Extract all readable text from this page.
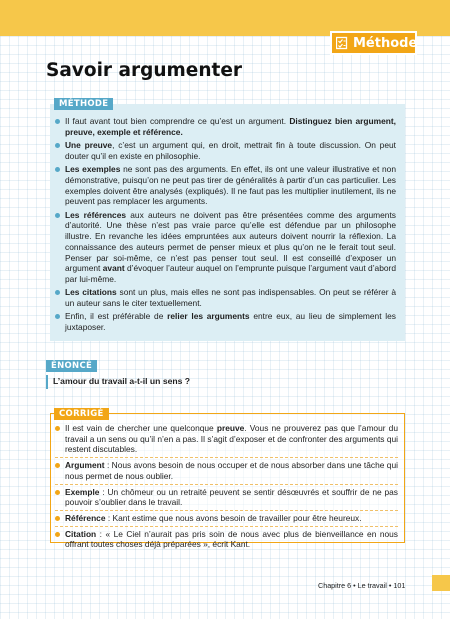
Méthode
Savoir argumenter
MÉTHODE
Il faut avant tout bien comprendre ce qu’est un argument. Distinguez bien argument, preuve, exemple et référence.
Une preuve, c’est un argument qui, en droit, mettrait fin à toute discussion. On peut douter qu’il en existe en philosophie.
Les exemples ne sont pas des arguments. En effet, ils ont une valeur illustrative et non démonstrative, puisqu’on ne peut pas tirer de généralités à partir d’un cas particulier. Les exemples doivent être analysés (expliqués). Il ne faut pas les multiplier inutilement, ils ne peuvent pas remplacer les arguments.
Les références aux auteurs ne doivent pas être présentées comme des arguments d’autorité. Une thèse n’est pas vraie parce qu’elle est défendue par un philosophe illustre. En revanche les idées empruntées aux auteurs doivent nourrir la réflexion. La connaissance des auteurs permet de penser mieux et plus qu’on ne le ferait tout seul. Penser par soi-même, ce n’est pas penser tout seul. Il est conseillé d’exposer un argument avant d’évoquer l’auteur auquel on l’emprunte puisque l’argument vaut d’abord par lui-même.
Les citations sont un plus, mais elles ne sont pas indispensables. On peut se référer à un auteur sans le citer textuellement.
Enfin, il est préférable de relier les arguments entre eux, au lieu de simplement les juxtaposer.
ÉNONCÉ
L’amour du travail a-t-il un sens ?
CORRIGÉ
Il est vain de chercher une quelconque preuve. Vous ne prouverez pas que l’amour du travail a un sens ou qu’il n’en a pas. Il s’agit d’exposer et de confronter des arguments qui restent discutables.
Argument : Nous avons besoin de nous occuper et de nous absorber dans une tâche qui nous permet de nous oublier.
Exemple : Un chômeur ou un retraité peuvent se sentir désœuvrés et souffrir de ne pas pouvoir s’oublier dans le travail.
Référence : Kant estime que nous avons besoin de travailler pour être heureux.
Citation : « Le Ciel n’aurait pas pris soin de nous avec plus de bienveillance en nous offrant toutes choses déjà préparées », écrit Kant.
Chapitre 6 • Le travail • 101
